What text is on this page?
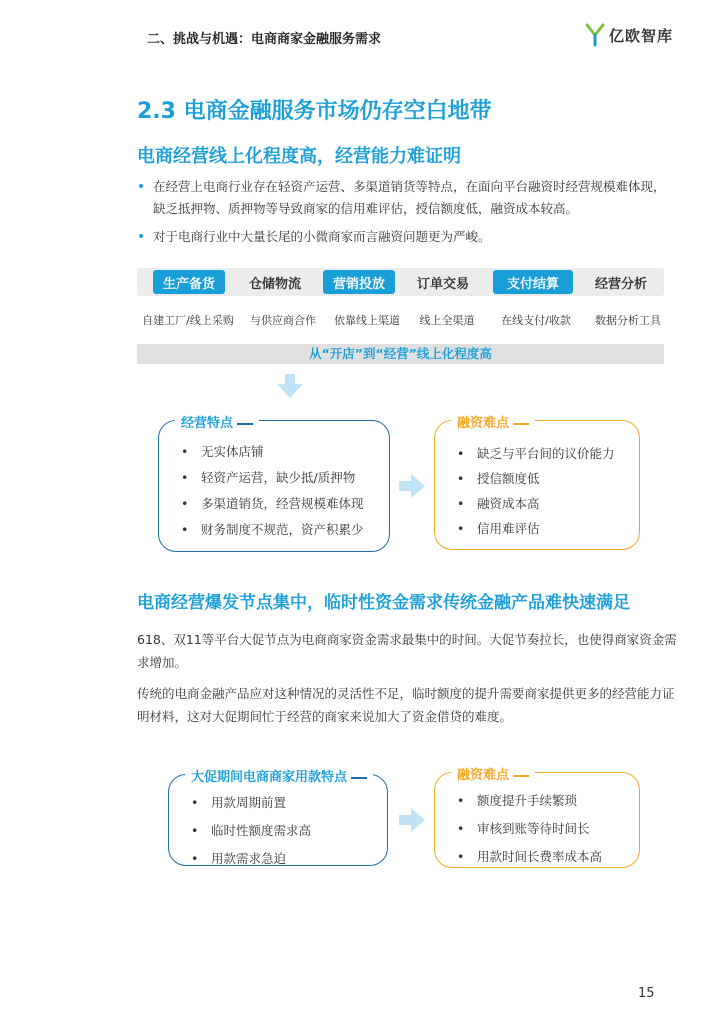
二、挑战与机遇：电商商家金融服务需求	亿欧智库
2.3 电商金融服务市场仍存空白地带
电商经营线上化程度高，经营能力难证明
• 在经营上电商行业存在轻资产运营、多渠道销货等特点，在面向平台融资时经营规模难体现，缺乏抵押物、质押物等导致商家的信用难评估，授信额度低，融资成本较高。
• 对于电商行业中大量长尾的小微商家而言融资问题更为严峻。
生产备货	仓储物流	营销投放	订单交易	支付结算	经营分析
自建工厂/线上采购	与供应商合作	依靠线上渠道	线上全渠道	在线支付/收款	数据分析工具
从“开店”到“经营”线上化程度高
经营特点
•	无实体店铺
•	轻资产运营，缺少抵/质押物
•	多渠道销货，经营规模难体现
•	财务制度不规范，资产积累少
融资难点
•	缺乏与平台间的议价能力
•	授信额度低
•	融资成本高
•	信用难评估
电商经营爆发节点集中，临时性资金需求传统金融产品难快速满足
618、双11等平台大促节点为电商商家资金需求最集中的时间。大促节奏拉长，也使得商家资金需求增加。
传统的电商金融产品应对这种情况的灵活性不足，临时额度的提升需要商家提供更多的经营能力证明材料，这对大促期间忙于经营的商家来说加大了资金借贷的难度。
大促期间电商商家用款特点
•	用款周期前置
•	临时性额度需求高
•	用款需求急迫
融资难点
•	额度提升手续繁琐
•	审核到账等待时间长
•	用款时间长费率成本高
15
